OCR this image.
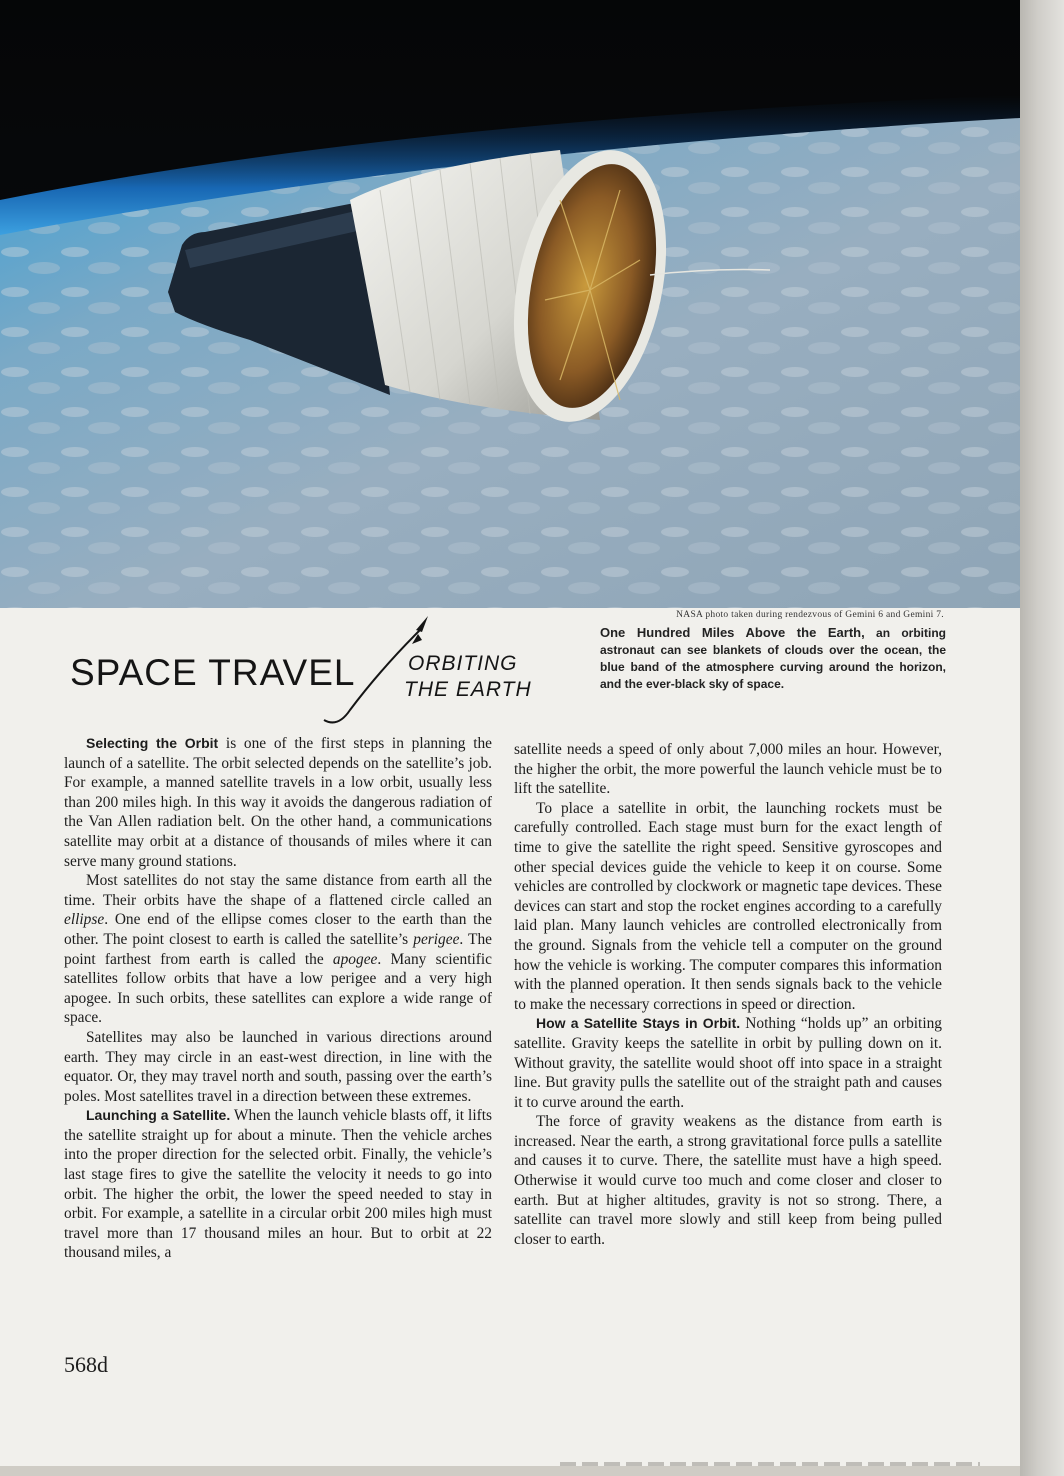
NASA photo taken during rendezvous of Gemini 6 and Gemini 7.
One Hundred Miles Above the Earth, an orbiting astronaut can see blankets of clouds over the ocean, the blue band of the atmosphere curving around the horizon, and the ever-black sky of space.
SPACE TRAVEL	ORBITING
THE EARTH

Selecting the Orbit is one of the first steps in planning the launch of a satellite. The orbit selected depends on the satellite’s job. For example, a manned satellite travels in a low orbit, usually less than 200 miles high. In this way it avoids the dangerous radiation of the Van Allen radiation belt. On the other hand, a communications satellite may orbit at a distance of thousands of miles where it can serve many ground stations.

Most satellites do not stay the same distance from earth all the time. Their orbits have the shape of a flattened circle called an ellipse. One end of the ellipse comes closer to the earth than the other. The point closest to earth is called the satellite’s perigee. The point farthest from earth is called the apogee. Many scientific satellites follow orbits that have a low perigee and a very high apogee. In such orbits, these satellites can explore a wide range of space.

Satellites may also be launched in various directions around earth. They may circle in an east-west direction, in line with the equator. Or, they may travel north and south, passing over the earth’s poles. Most satellites travel in a direction between these extremes.

Launching a Satellite. When the launch vehicle blasts off, it lifts the satellite straight up for about a minute. Then the vehicle arches into the proper direction for the selected orbit. Finally, the vehicle’s last stage fires to give the satellite the velocity it needs to go into orbit. The higher the orbit, the lower the speed needed to stay in orbit. For example, a satellite in a circular orbit 200 miles high must travel more than 17 thousand miles an hour. But to orbit at 22 thousand miles, a

satellite needs a speed of only about 7,000 miles an hour. However, the higher the orbit, the more powerful the launch vehicle must be to lift the satellite.

To place a satellite in orbit, the launching rockets must be carefully controlled. Each stage must burn for the exact length of time to give the satellite the right speed. Sensitive gyroscopes and other special devices guide the vehicle to keep it on course. Some vehicles are controlled by clockwork or magnetic tape devices. These devices can start and stop the rocket engines according to a carefully laid plan. Many launch vehicles are controlled electronically from the ground. Signals from the vehicle tell a computer on the ground how the vehicle is working. The computer compares this information with the planned operation. It then sends signals back to the vehicle to make the necessary corrections in speed or direction.

How a Satellite Stays in Orbit. Nothing “holds up” an orbiting satellite. Gravity keeps the satellite in orbit by pulling down on it. Without gravity, the satellite would shoot off into space in a straight line. But gravity pulls the satellite out of the straight path and causes it to curve around the earth.

The force of gravity weakens as the distance from earth is increased. Near the earth, a strong gravitational force pulls a satellite and causes it to curve. There, the satellite must have a high speed. Otherwise it would curve too much and come closer and closer to earth. But at higher altitudes, gravity is not so strong. There, a satellite can travel more slowly and still keep from being pulled closer to earth.

568d
